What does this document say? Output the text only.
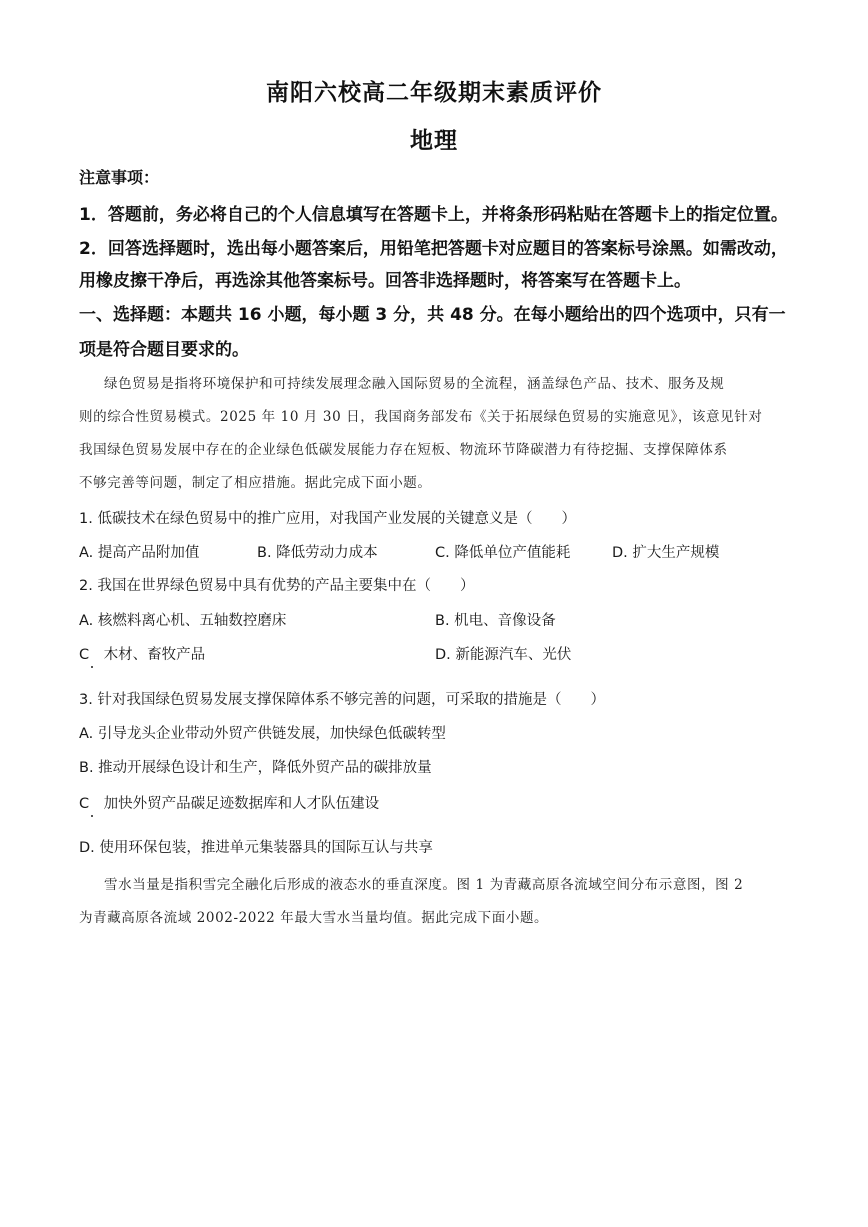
南阳六校高二年级期末素质评价
地理
注意事项：
1．答题前，务必将自己的个人信息填写在答题卡上，并将条形码粘贴在答题卡上的指定位置。
2．回答选择题时，选出每小题答案后，用铅笔把答题卡对应题目的答案标号涂黑。如需改动，
用橡皮擦干净后，再选涂其他答案标号。回答非选择题时，将答案写在答题卡上。
一、选择题：本题共 16 小题，每小题 3 分，共 48 分。在每小题给出的四个选项中，只有一
项是符合题目要求的。
绿色贸易是指将环境保护和可持续发展理念融入国际贸易的全流程，涵盖绿色产品、技术、服务及规
则的综合性贸易模式。2025 年 10 月 30 日，我国商务部发布《关于拓展绿色贸易的实施意见》，该意见针对
我国绿色贸易发展中存在的企业绿色低碳发展能力存在短板、物流环节降碳潜力有待挖掘、支撑保障体系
不够完善等问题，制定了相应措施。据此完成下面小题。
1. 低碳技术在绿色贸易中的推广应用，对我国产业发展的关键意义是（　　）
A. 提高产品附加值	B. 降低劳动力成本	C. 降低单位产值能耗	D. 扩大生产规模
2. 我国在世界绿色贸易中具有优势的产品主要集中在（　　）
A. 核燃料离心机、五轴数控磨床	B. 机电、音像设备
C　木材、畜牧产品	D. 新能源汽车、光伏
3. 针对我国绿色贸易发展支撑保障体系不够完善的问题，可采取的措施是（　　）
A. 引导龙头企业带动外贸产供链发展，加快绿色低碳转型
B. 推动开展绿色设计和生产，降低外贸产品的碳排放量
C　加快外贸产品碳足迹数据库和人才队伍建设
D. 使用环保包装，推进单元集装器具的国际互认与共享
雪水当量是指积雪完全融化后形成的液态水的垂直深度。图 1 为青藏高原各流域空间分布示意图，图 2
为青藏高原各流域 2002-2022 年最大雪水当量均值。据此完成下面小题。
